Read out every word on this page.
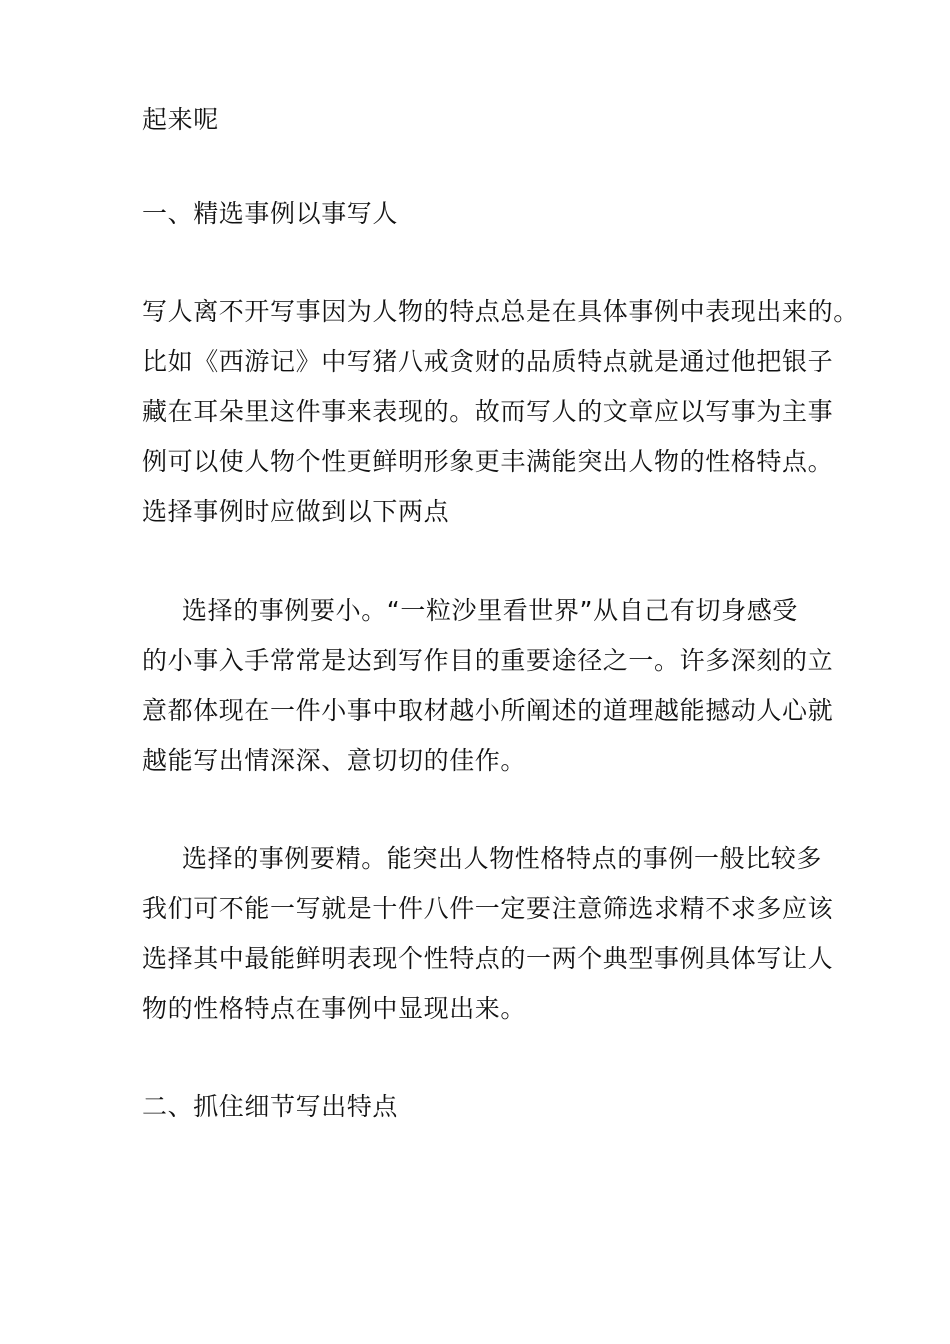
起来呢
一、精选事例以事写人
写人离不开写事因为人物的特点总是在具体事例中表现出来的。
比如《西游记》中写猪八戒贪财的品质特点就是通过他把银子
藏在耳朵里这件事来表现的。故而写人的文章应以写事为主事
例可以使人物个性更鲜明形象更丰满能突出人物的性格特点。
选择事例时应做到以下两点
选择的事例要小。“一粒沙里看世界”从自己有切身感受
的小事入手常常是达到写作目的重要途径之一。许多深刻的立
意都体现在一件小事中取材越小所阐述的道理越能撼动人心就
越能写出情深深、意切切的佳作。
选择的事例要精。能突出人物性格特点的事例一般比较多
我们可不能一写就是十件八件一定要注意筛选求精不求多应该
选择其中最能鲜明表现个性特点的一两个典型事例具体写让人
物的性格特点在事例中显现出来。
二、抓住细节写出特点
